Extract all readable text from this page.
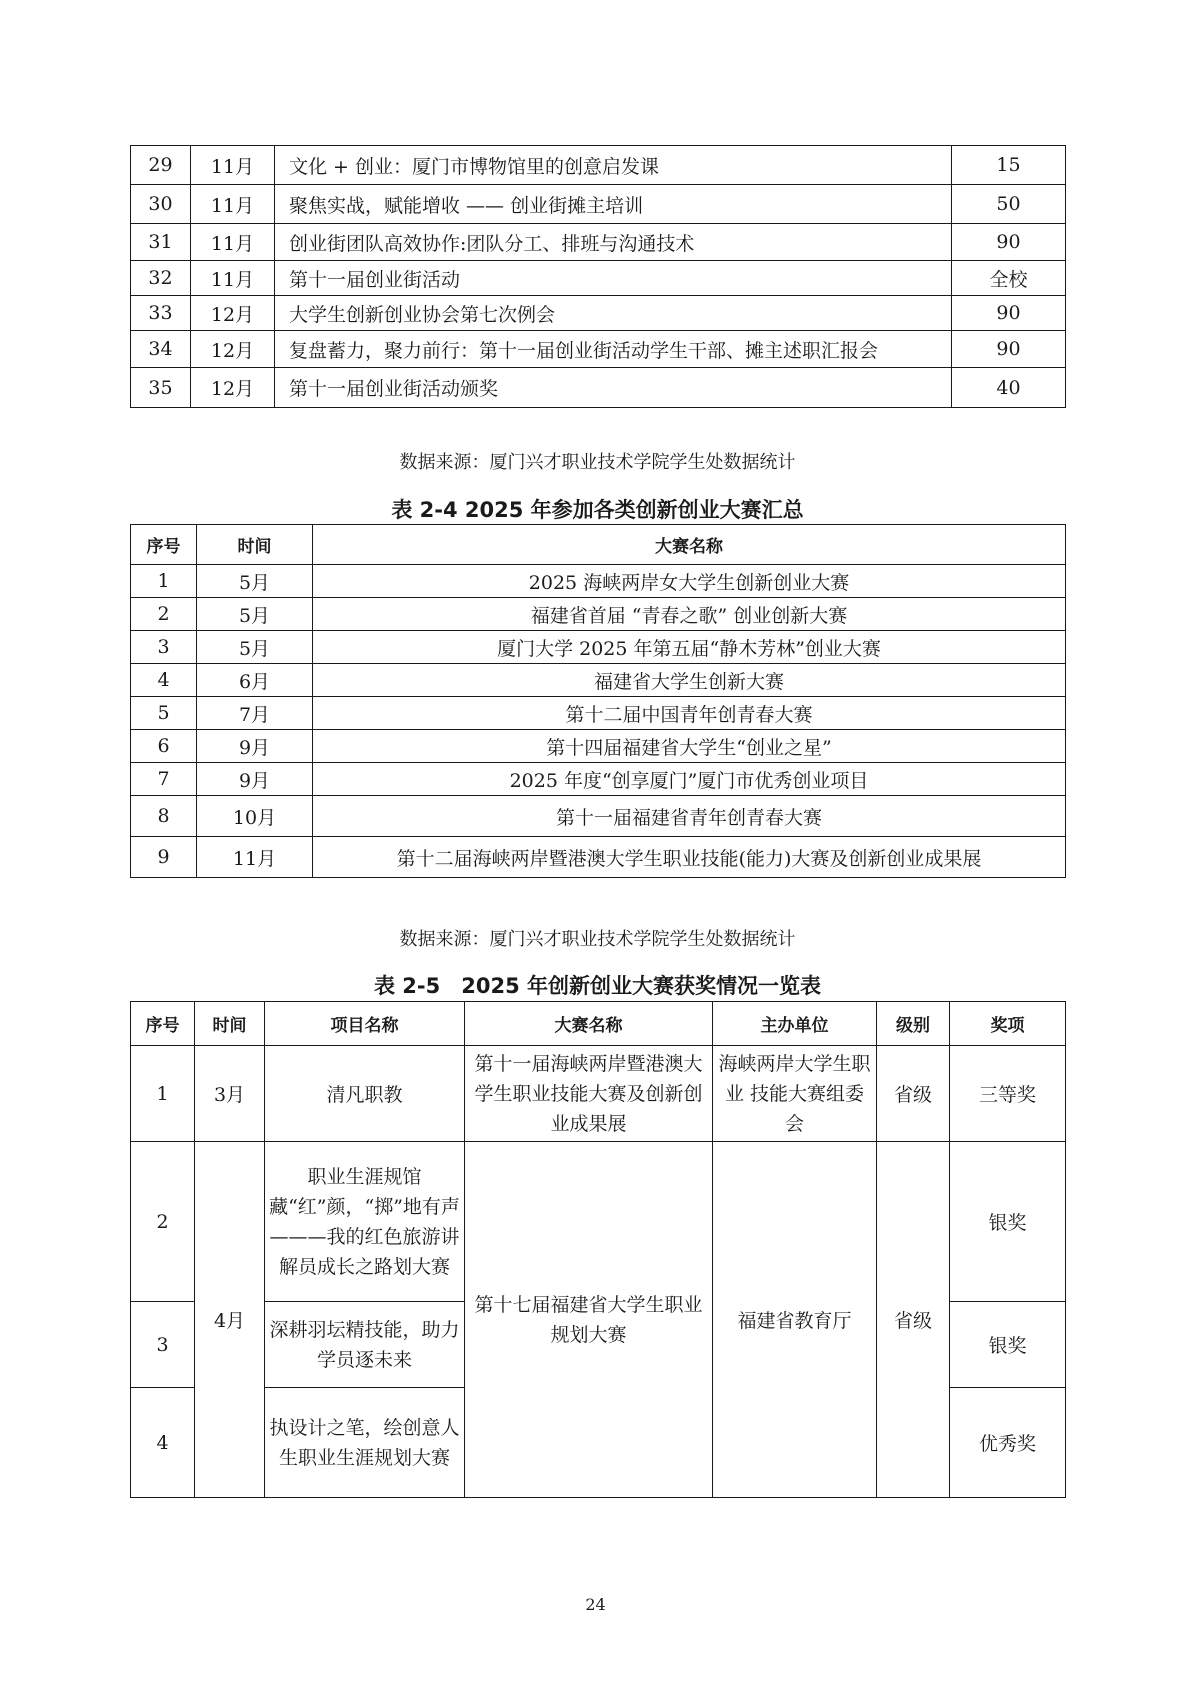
29	11月	文化 + 创业：厦门市博物馆里的创意启发课	15
30	11月	聚焦实战，赋能增收 —— 创业街摊主培训	50
31	11月	创业街团队高效协作:团队分工、排班与沟通技术	90
32	11月	第十一届创业街活动	全校
33	12月	大学生创新创业协会第七次例会	90
34	12月	复盘蓄力，聚力前行：第十一届创业街活动学生干部、摊主述职汇报会	90
35	12月	第十一届创业街活动颁奖	40
数据来源：厦门兴才职业技术学院学生处数据统计
表 2-4 2025 年参加各类创新创业大赛汇总
序号	时间	大赛名称
1	5月	2025 海峡两岸女大学生创新创业大赛
2	5月	福建省首届 “青春之歌” 创业创新大赛
3	5月	厦门大学 2025 年第五届“静木芳林”创业大赛
4	6月	福建省大学生创新大赛
5	7月	第十二届中国青年创青春大赛
6	9月	第十四届福建省大学生“创业之星”
7	9月	2025 年度“创享厦门”厦门市优秀创业项目
8	10月	第十一届福建省青年创青春大赛
9	11月	第十二届海峡两岸暨港澳大学生职业技能(能力)大赛及创新创业成果展
数据来源：厦门兴才职业技术学院学生处数据统计
表 2-5　2025 年创新创业大赛获奖情况一览表
序号	时间	项目名称	大赛名称	主办单位	级别	奖项
1	3月	清凡职教	第十一届海峡两岸暨港澳大学生职业技能大赛及创新创业成果展	海峡两岸大学生职业 技能大赛组委会	省级	三等奖
2	4月	职业生涯规馆藏“红”颜，“掷”地有声———我的红色旅游讲解员成长之路划大赛	第十七届福建省大学生职业规划大赛	福建省教育厅	省级	银奖
3		深耕羽坛精技能，助力学员逐未来				银奖
4		执设计之笔，绘创意人生职业生涯规划大赛				优秀奖
24
